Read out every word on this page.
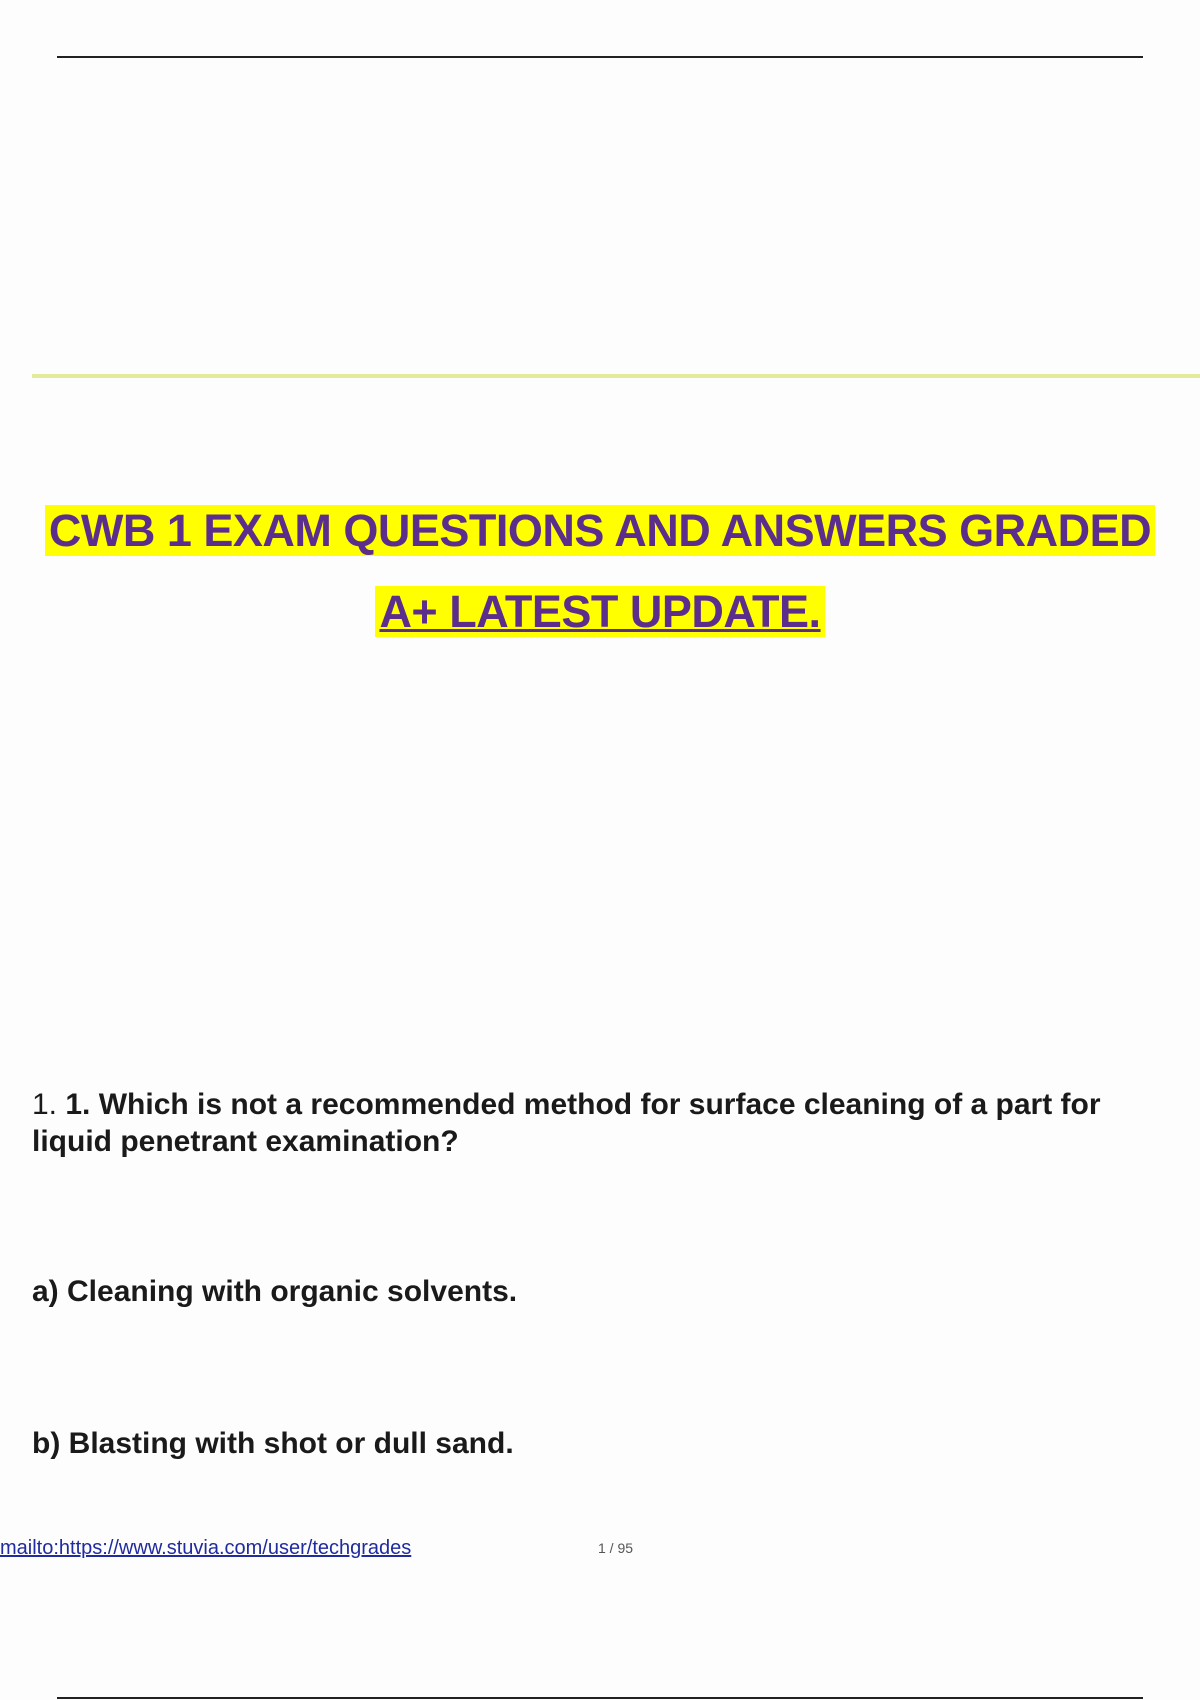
CWB 1 EXAM QUESTIONS AND ANSWERS GRADED
A+ LATEST UPDATE.
1. 1. Which is not a recommended method for surface cleaning of a part for liquid penetrant examination?
a) Cleaning with organic solvents.
b) Blasting with shot or dull sand.
mailto:https://www.stuvia.com/user/techgrades	1 / 95
